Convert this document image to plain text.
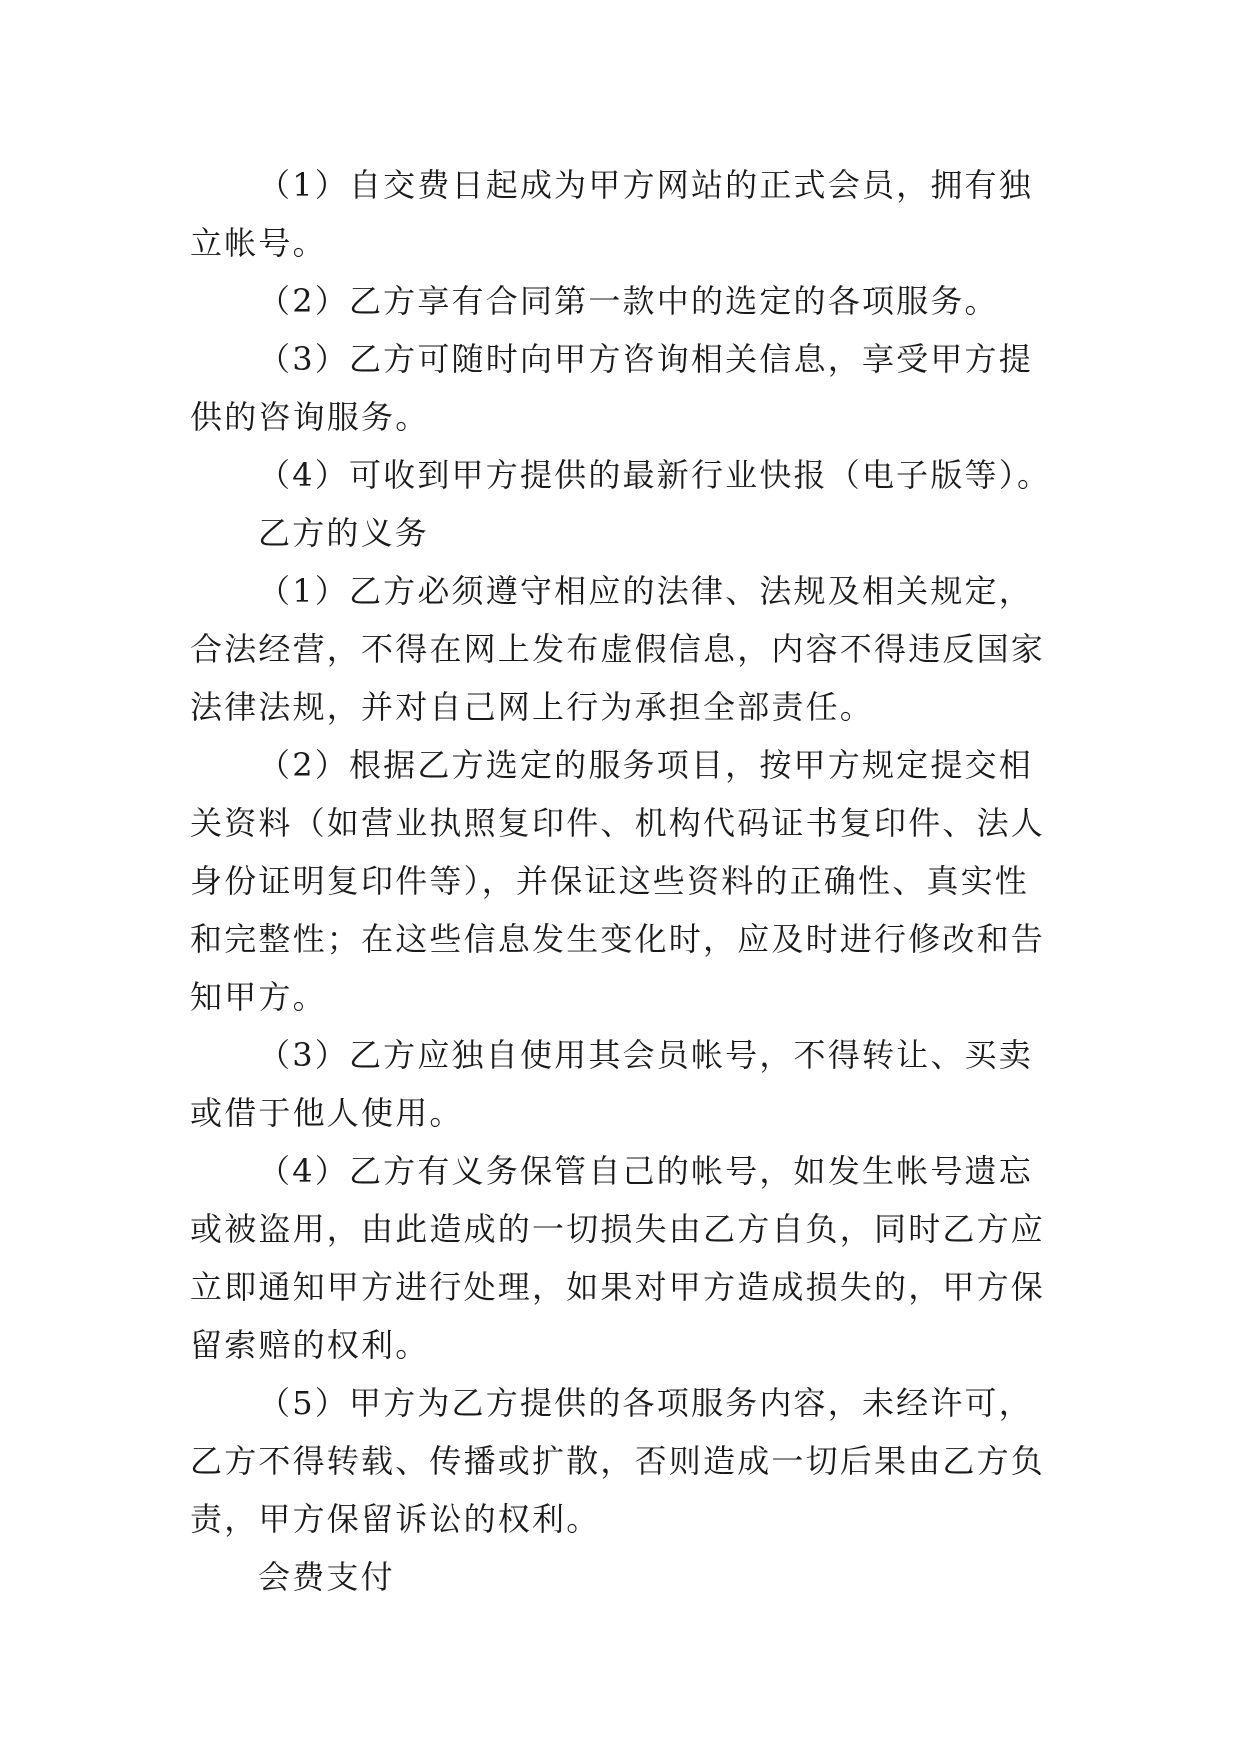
（1）自交费日起成为甲方网站的正式会员，拥有独立帐号。

（2）乙方享有合同第一款中的选定的各项服务。

（3）乙方可随时向甲方咨询相关信息，享受甲方提供的咨询服务。

（4）可收到甲方提供的最新行业快报（电子版等）。

乙方的义务

（1）乙方必须遵守相应的法律、法规及相关规定，合法经营，不得在网上发布虚假信息，内容不得违反国家法律法规，并对自己网上行为承担全部责任。

（2）根据乙方选定的服务项目，按甲方规定提交相关资料（如营业执照复印件、机构代码证书复印件、法人身份证明复印件等），并保证这些资料的正确性、真实性和完整性；在这些信息发生变化时，应及时进行修改和告知甲方。

（3）乙方应独自使用其会员帐号，不得转让、买卖或借于他人使用。

（4）乙方有义务保管自己的帐号，如发生帐号遗忘或被盗用，由此造成的一切损失由乙方自负，同时乙方应立即通知甲方进行处理，如果对甲方造成损失的，甲方保留索赔的权利。

（5）甲方为乙方提供的各项服务内容，未经许可，乙方不得转载、传播或扩散，否则造成一切后果由乙方负责，甲方保留诉讼的权利。

会费支付
